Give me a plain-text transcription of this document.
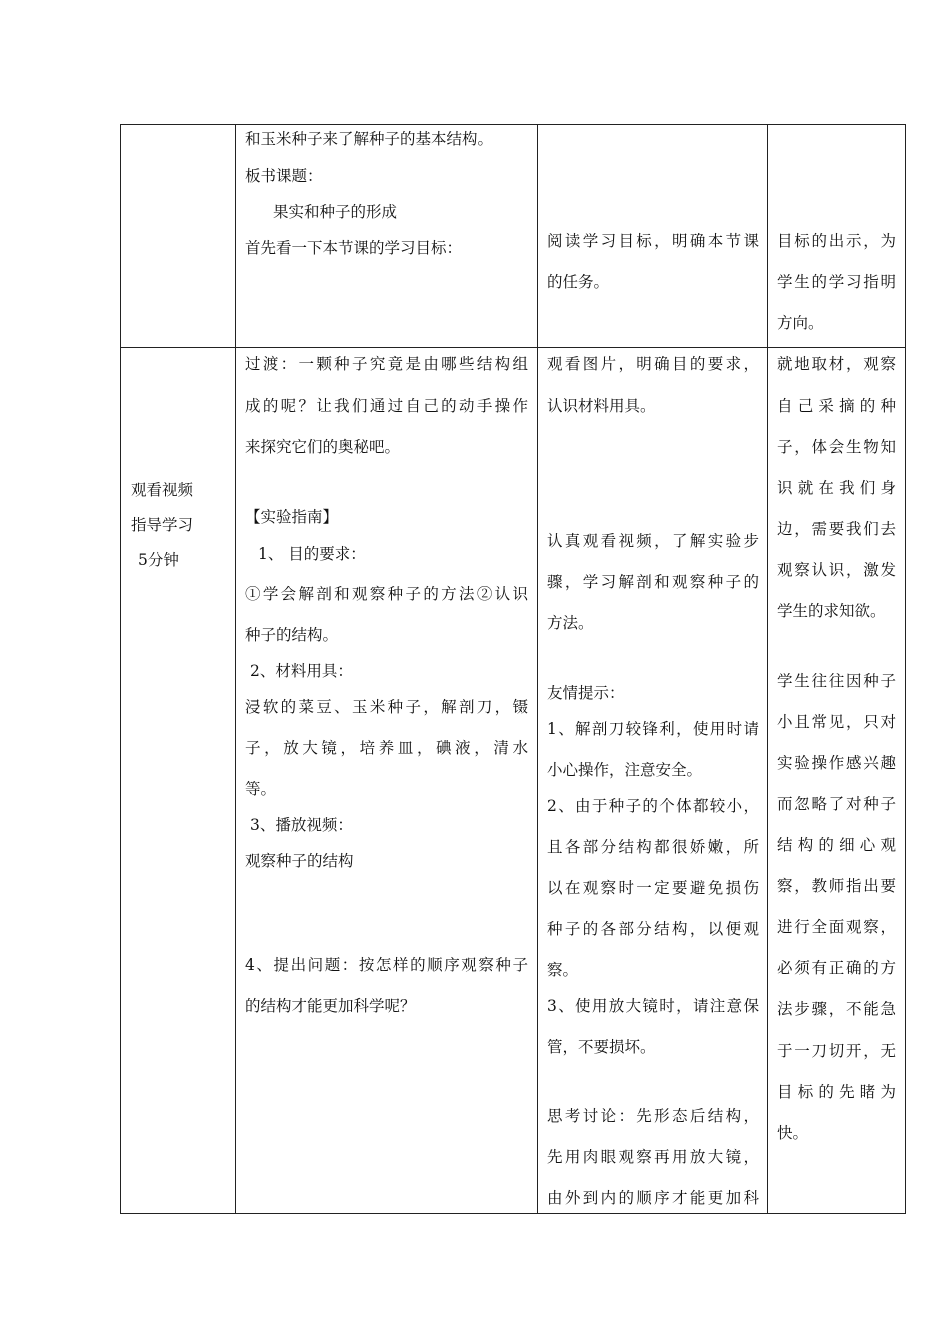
和玉米种子来了解种子的基本结构。
板书课题：
果实和种子的形成
首先看一下本节课的学习目标：	阅读学习目标，明确本节课
的任务。
目标的出示，为
学生的学习指明
方向。
观看视频
指导学习
5分钟
过渡：一颗种子究竟是由哪些结构组
成的呢？让我们通过自己的动手操作
来探究它们的奥秘吧。
【实验指南】
1、 目的要求：
①学会解剖和观察种子的方法②认识
种子的结构。
2、材料用具：
浸软的菜豆、玉米种子，解剖刀，镊
子，放大镜，培养皿，碘液，清水
等。
3、播放视频：
观察种子的结构
4、提出问题：按怎样的顺序观察种子
的结构才能更加科学呢？
观看图片，明确目的要求，
认识材料用具。
认真观看视频，了解实验步
骤，学习解剖和观察种子的
方法。
友情提示：
1、解剖刀较锋利，使用时请
小心操作，注意安全。
2、由于种子的个体都较小，
且各部分结构都很娇嫩，所
以在观察时一定要避免损伤
种子的各部分结构，以便观
察。
3、使用放大镜时，请注意保
管，不要损坏。
思考讨论：先形态后结构，
先用肉眼观察再用放大镜，
由外到内的顺序才能更加科
就地取材，观察
自己采摘的种
子，体会生物知
识就在我们身
边，需要我们去
观察认识，激发
学生的求知欲。
学生往往因种子
小且常见，只对
实验操作感兴趣
而忽略了对种子
结构的细心观
察，教师指出要
进行全面观察，
必须有正确的方
法步骤，不能急
于一刀切开，无
目标的先睹为
快。
